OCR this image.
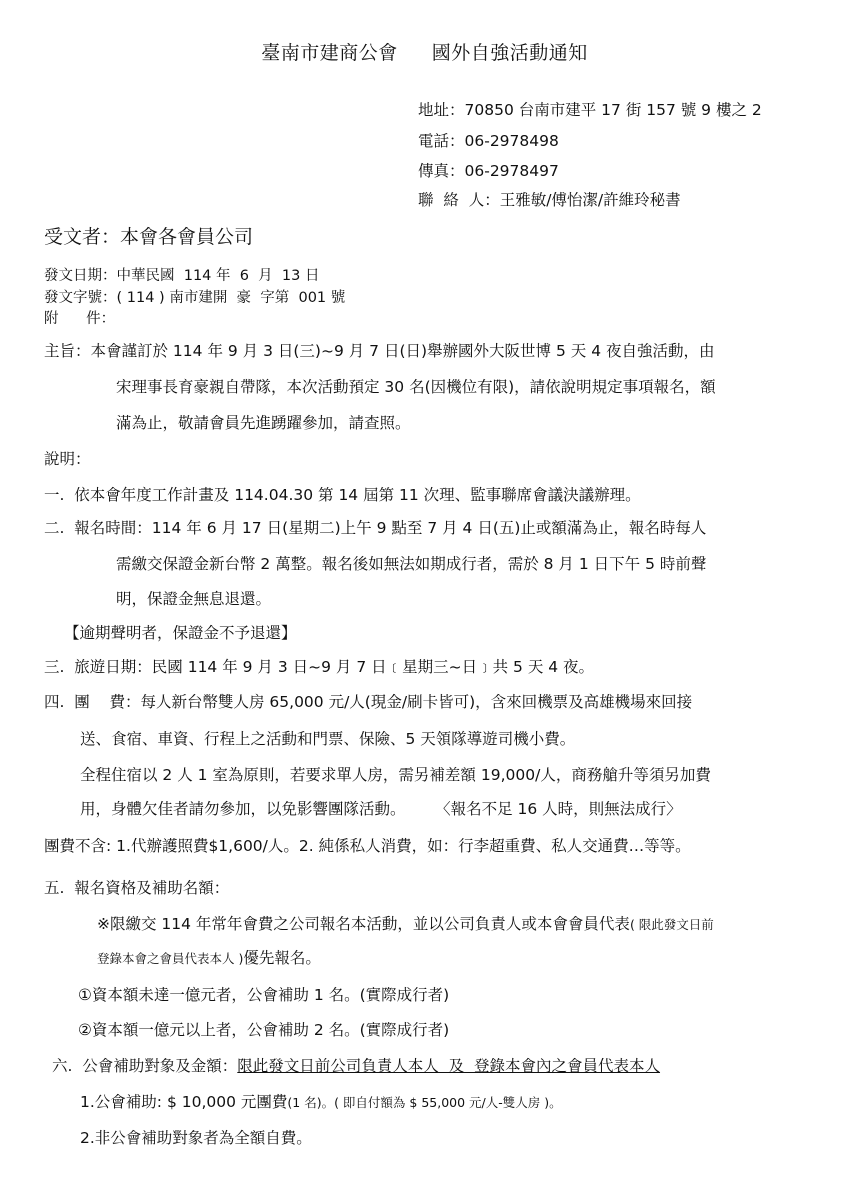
臺南市建商公會 國外自強活動通知
地址：70850 台南市建平 17 街 157 號 9 樓之 2
電話：06-2978498
傳真：06-2978497
聯  絡  人：王雅敏/傅怡潔/許維玲秘書
受文者：本會各會員公司
發文日期：中華民國  114 年  6  月  13 日
發文字號：( 114 ) 南市建開  豪  字第  001 號
附      件：
主旨：本會謹訂於 114 年 9 月 3 日(三)~9 月 7 日(日)舉辦國外大阪世博 5 天 4 夜自強活動，由
宋理事長育豪親自帶隊，本次活動預定 30 名(因機位有限)，請依說明規定事項報名，額
滿為止，敬請會員先進踴躍參加，請查照。
說明：
一.  依本會年度工作計畫及 114.04.30 第 14 屆第 11 次理、監事聯席會議決議辦理。
二.  報名時間：114 年 6 月 17 日(星期二)上午 9 點至 7 月 4 日(五)止或額滿為止，報名時每人
需繳交保證金新台幣 2 萬整。報名後如無法如期成行者，需於 8 月 1 日下午 5 時前聲
明，保證金無息退還。
【逾期聲明者，保證金不予退還】
三.  旅遊日期：民國 114 年 9 月 3 日~9 月 7 日﹝星期三~日﹞共 5 天 4 夜。
四.  團    費：每人新台幣雙人房 65,000 元/人(現金/刷卡皆可)，含來回機票及高雄機場來回接
送、食宿、車資、行程上之活動和門票、保險、5 天領隊導遊司機小費。
全程住宿以 2 人 1 室為原則，若要求單人房，需另補差額 19,000/人，商務艙升等須另加費
用，身體欠佳者請勿參加，以免影響團隊活動。      〈報名不足 16 人時，則無法成行〉
團費不含: 1.代辦護照費$1,600/人。2. 純係私人消費，如：行李超重費、私人交通費…等等。
五.  報名資格及補助名額：
※限繳交 114 年常年會費之公司報名本活動，並以公司負責人或本會會員代表( 限此發文日前
登錄本會之會員代表本人 )優先報名。
①資本額未達一億元者，公會補助 1 名。(實際成行者)
②資本額一億元以上者，公會補助 2 名。(實際成行者)
六.  公會補助對象及金額：限此發文日前公司負責人本人  及  登錄本會內之會員代表本人
1.公會補助: $ 10,000 元團費(1 名)。( 即自付額為 $ 55,000 元/人-雙人房 )。
2.非公會補助對象者為全額自費。
